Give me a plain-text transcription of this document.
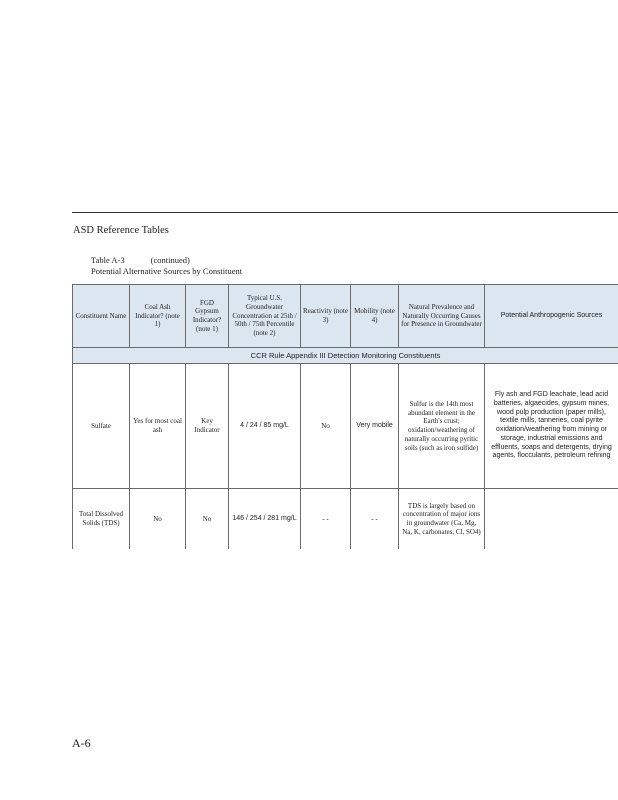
ASD Reference Tables
Table A-3	(continued)
Potential Alternative Sources by Constituent
Constituent Name	Coal Ash Indicator? (note 1)	FGD Gypsum Indicator? (note 1)	Typical U.S. Groundwater Concentration at 25th / 50th / 75th Percentile (note 2)	Reactivity (note 3)	Mobility (note 4)	Natural Prevalence and Naturally Occurring Causes for Presence in Groundwater	Potential Anthropogenic Sources
CCR Rule Appendix III Detection Monitoring Constituents							
Sulfate	Yes for most coal ash	Key Indicator	4 / 24 / 85 mg/L	No	Very mobile	Sulfur is the 14th most abundant element in the Earth's crust; oxidation/weathering of naturally occurring pyritic soils (such as iron sulfide)	Fly ash and FGD leachate, lead acid batteries, algaecides, gypsum mines, wood pulp production (paper mills), textile mills, tanneries, coal pyrite oxidation/weathering from mining or storage, industrial emissions and effluents, soaps and detergents, drying agents, flocculants, petroleum refining
Total Dissolved Solids (TDS)	No	No	146 / 254 / 281 mg/L	- -	- -	TDS is largely based on concentration of major ions in groundwater (Ca, Mg, Na, K, carbonates, Cl, SO4)	
A-6
